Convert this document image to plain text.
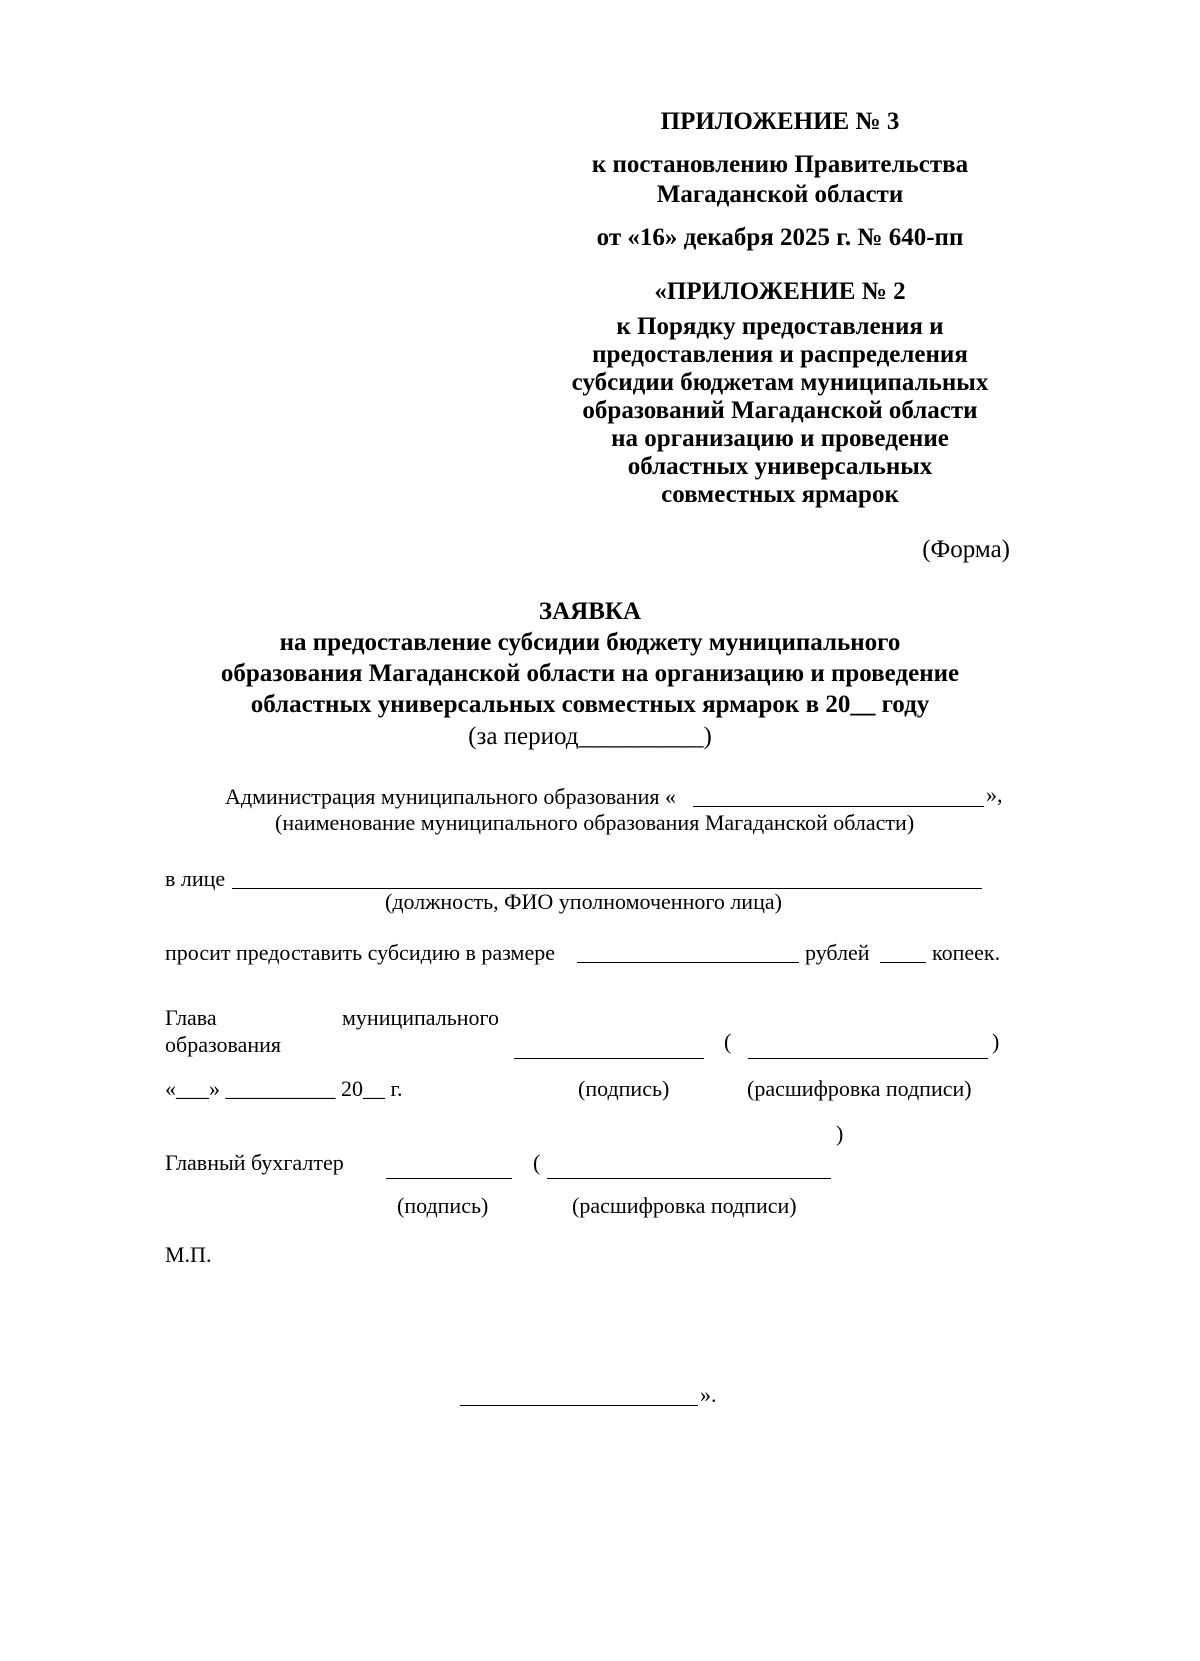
ПРИЛОЖЕНИЕ № 3
к постановлению Правительства
Магаданской области
от «16» декабря 2025 г. № 640-пп
«ПРИЛОЖЕНИЕ № 2
к Порядку предоставления и
предоставления и распределения
субсидии бюджетам муниципальных
образований Магаданской области
на организацию и проведение
областных универсальных
совместных ярмарок
(Форма)
ЗАЯВКА
на предоставление субсидии бюджету муниципального
образования Магаданской области на организацию и проведение
областных универсальных совместных ярмарок в 20__ году
(за период__________)
Администрация муниципального образования «	»,
(наименование муниципального образования Магаданской области)
в лице
(должность, ФИО уполномоченного лица)
просит предоставить субсидию в размере	рублей	копеек.
Глава	муниципального
образования	(	)
«___» __________ 20__ г.	(подпись)	(расшифровка подписи)
)
Главный бухгалтер	(
(подпись)	(расшифровка подписи)
М.П.
».
